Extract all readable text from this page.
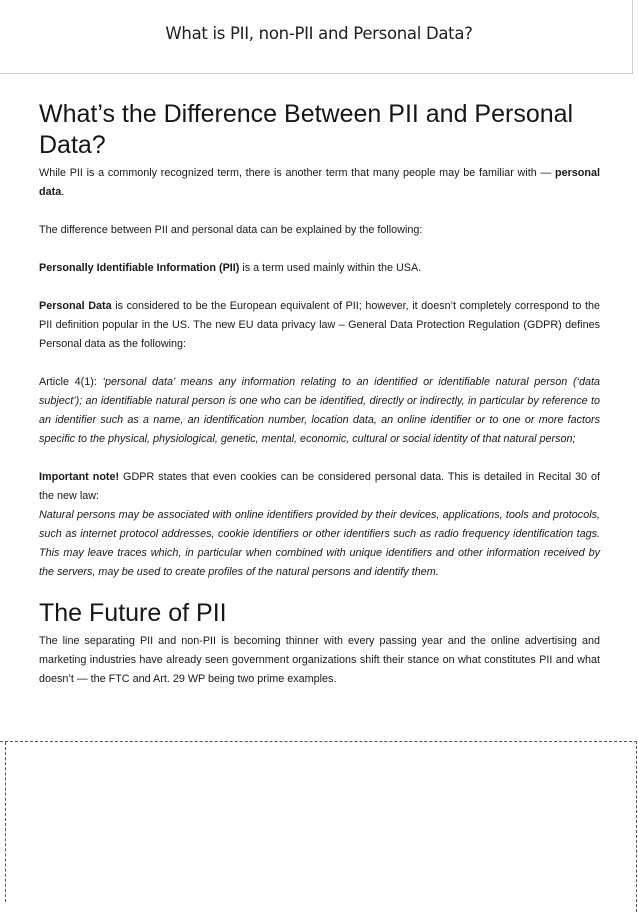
What is PII, non-PII and Personal Data?
What’s the Difference Between PII and Personal Data?

While PII is a commonly recognized term, there is another term that many people may be familiar with — personal data.

The difference between PII and personal data can be explained by the following:

Personally Identifiable Information (PII) is a term used mainly within the USA.

Personal Data is considered to be the European equivalent of PII; however, it doesn’t completely correspond to the PII definition popular in the US. The new EU data privacy law – General Data Protection Regulation (GDPR) defines Personal data as the following:

Article 4(1): ‘personal data’ means any information relating to an identified or identifiable natural person (‘data subject’); an identifiable natural person is one who can be identified, directly or indirectly, in particular by reference to an identifier such as a name, an identification number, location data, an online identifier or to one or more factors specific to the physical, physiological, genetic, mental, economic, cultural or social identity of that natural person;

Important note! GDPR states that even cookies can be considered personal data. This is detailed in Recital 30 of the new law:

Natural persons may be associated with online identifiers provided by their devices, applications, tools and protocols, such as internet protocol addresses, cookie identifiers or other identifiers such as radio frequency identification tags. This may leave traces which, in particular when combined with unique identifiers and other information received by the servers, may be used to create profiles of the natural persons and identify them.

The Future of PII

The line separating PII and non-PII is becoming thinner with every passing year and the online advertising and marketing industries have already seen government organizations shift their stance on what constitutes PII and what doesn’t — the FTC and Art. 29 WP being two prime examples.
